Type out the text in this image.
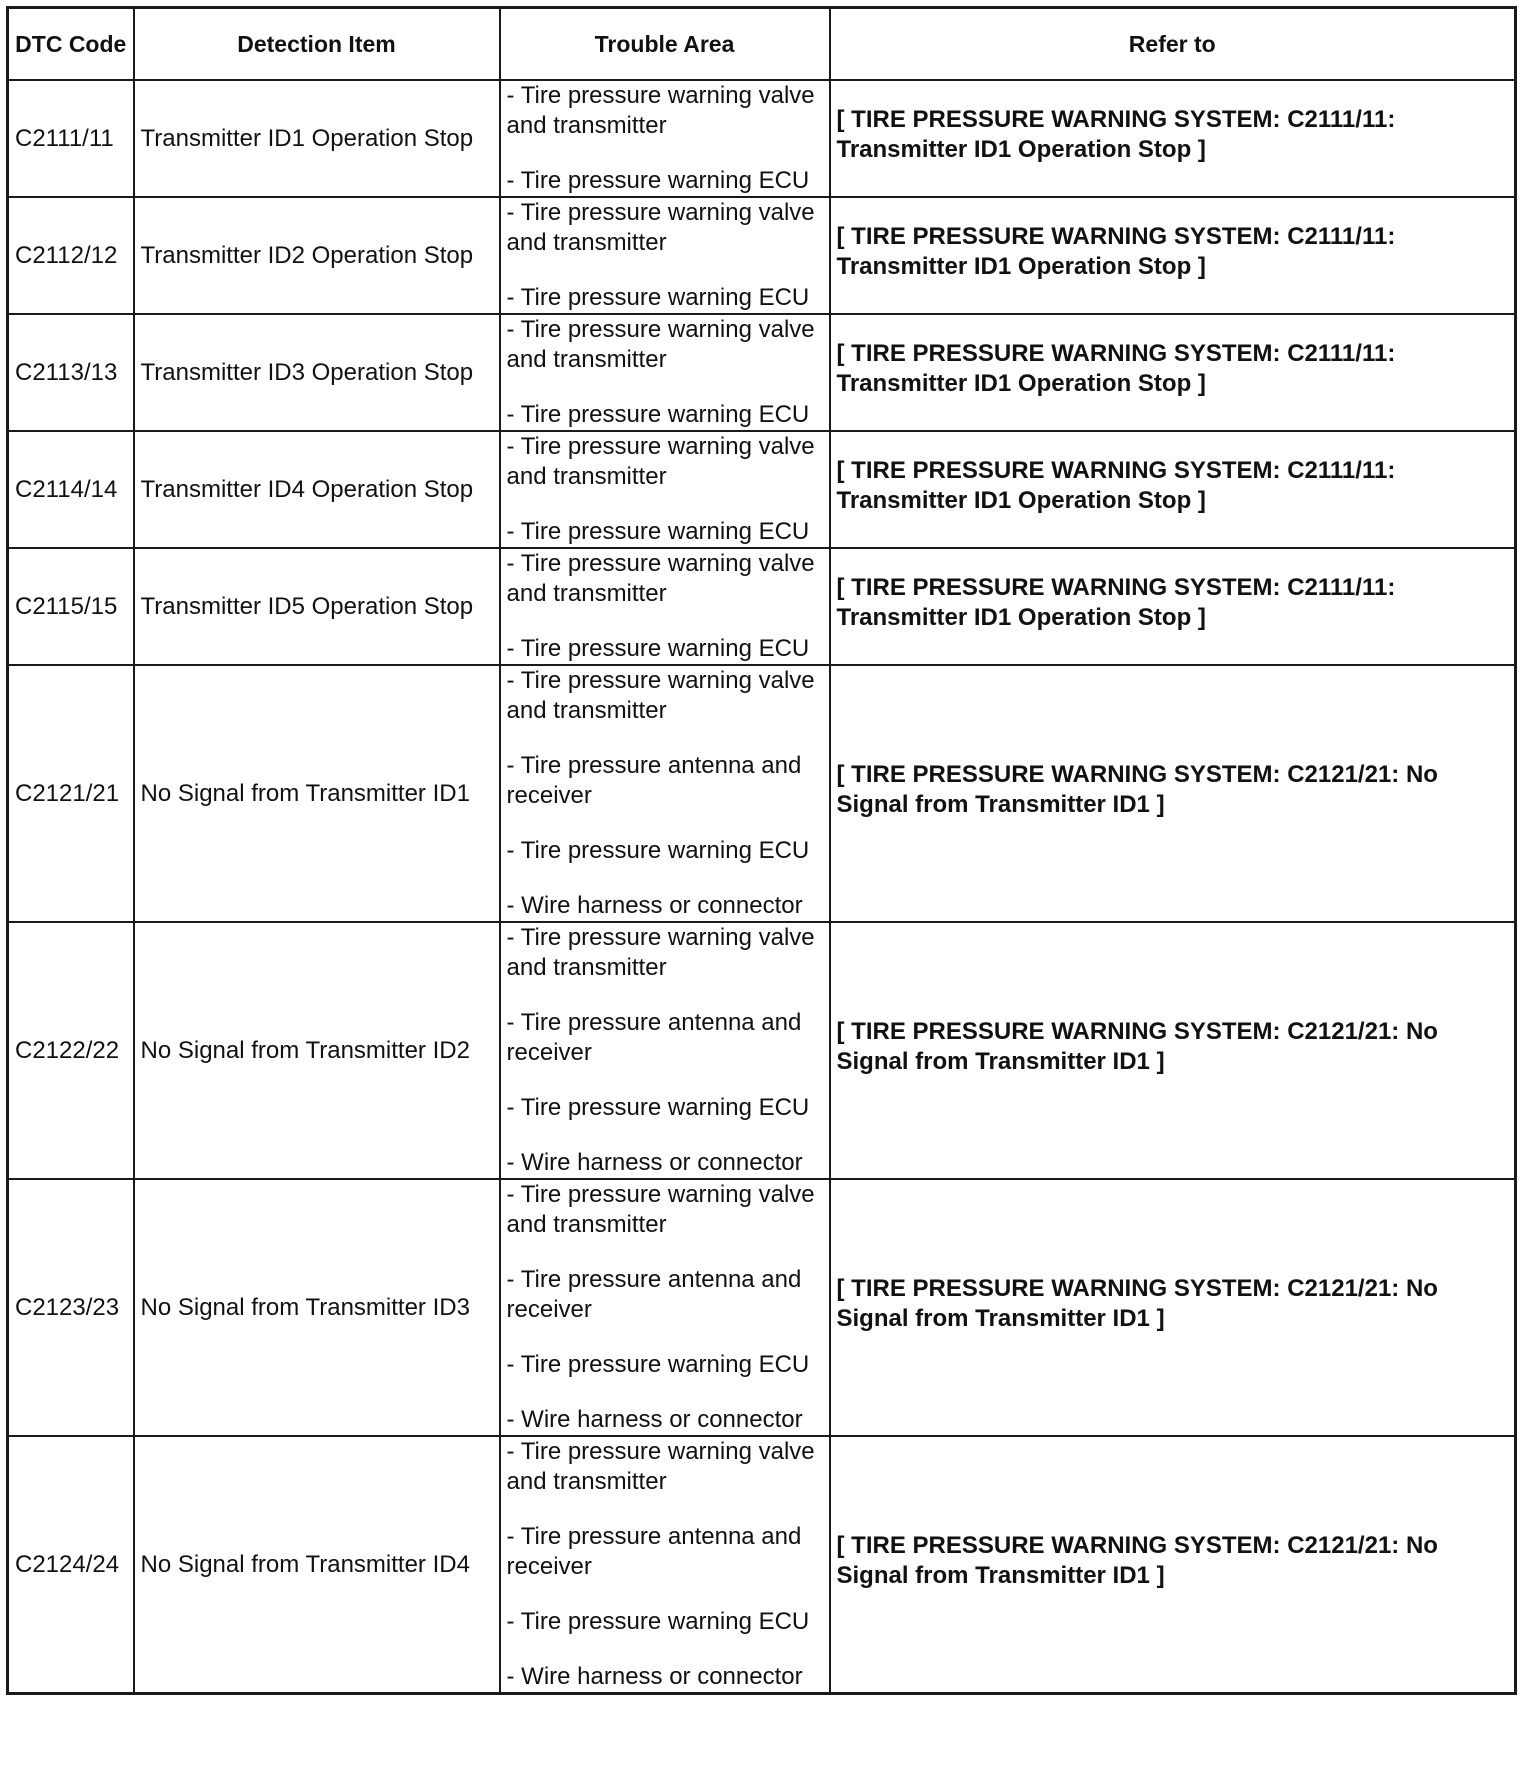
DTC Code	Detection Item	Trouble Area	Refer to
C2111/11	Transmitter ID1 Operation Stop	- Tire pressure warning valve and transmitter
- Tire pressure warning ECU	[ TIRE PRESSURE WARNING SYSTEM: C2111/11: Transmitter ID1 Operation Stop ]

C2112/12	Transmitter ID2 Operation Stop	- Tire pressure warning valve and transmitter
- Tire pressure warning ECU	[ TIRE PRESSURE WARNING SYSTEM: C2111/11: Transmitter ID1 Operation Stop ]

C2113/13	Transmitter ID3 Operation Stop	- Tire pressure warning valve and transmitter
- Tire pressure warning ECU	[ TIRE PRESSURE WARNING SYSTEM: C2111/11: Transmitter ID1 Operation Stop ]

C2114/14	Transmitter ID4 Operation Stop	- Tire pressure warning valve and transmitter
- Tire pressure warning ECU	[ TIRE PRESSURE WARNING SYSTEM: C2111/11: Transmitter ID1 Operation Stop ]

C2115/15	Transmitter ID5 Operation Stop	- Tire pressure warning valve and transmitter
- Tire pressure warning ECU	[ TIRE PRESSURE WARNING SYSTEM: C2111/11: Transmitter ID1 Operation Stop ]

C2121/21	No Signal from Transmitter ID1	- Tire pressure warning valve and transmitter
- Tire pressure antenna and receiver
- Tire pressure warning ECU
- Wire harness or connector	[ TIRE PRESSURE WARNING SYSTEM: C2121/21: No Signal from Transmitter ID1 ]

C2122/22	No Signal from Transmitter ID2	- Tire pressure warning valve and transmitter
- Tire pressure antenna and receiver
- Tire pressure warning ECU
- Wire harness or connector	[ TIRE PRESSURE WARNING SYSTEM: C2121/21: No Signal from Transmitter ID1 ]

C2123/23	No Signal from Transmitter ID3	- Tire pressure warning valve and transmitter
- Tire pressure antenna and receiver
- Tire pressure warning ECU
- Wire harness or connector	[ TIRE PRESSURE WARNING SYSTEM: C2121/21: No Signal from Transmitter ID1 ]

C2124/24	No Signal from Transmitter ID4	- Tire pressure warning valve and transmitter
- Tire pressure antenna and receiver
- Tire pressure warning ECU
- Wire harness or connector	[ TIRE PRESSURE WARNING SYSTEM: C2121/21: No Signal from Transmitter ID1 ]
